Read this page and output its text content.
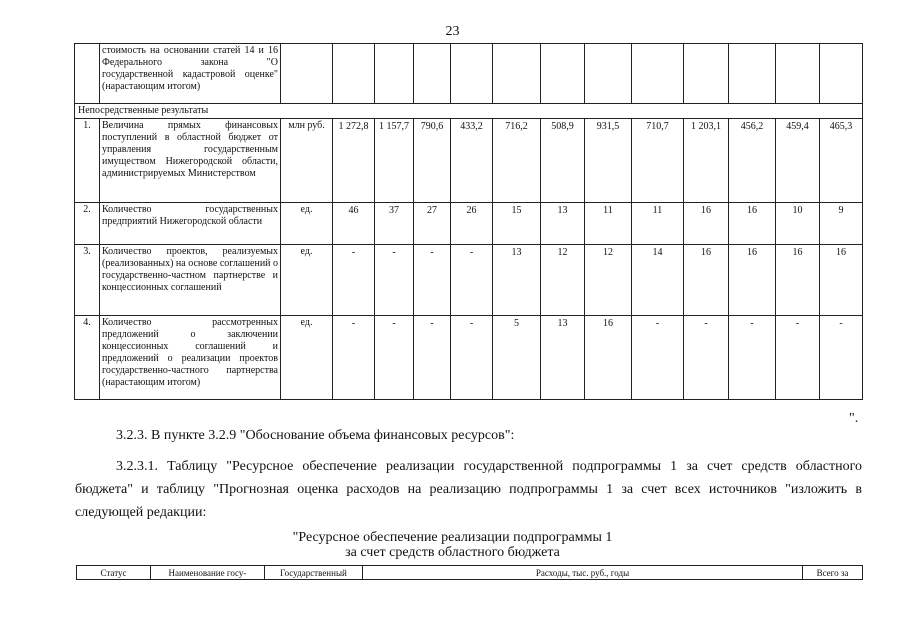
23
	стоимость на основании статей 14 и 16 Федерального закона "О государственной кадастровой оценке" (нарастающим итогом)													
Непосредственные результаты														
1.	Величина прямых финансовых поступлений в областной бюджет от управления государственным имуществом Нижегородской области, администрируемых Министерством	млн руб.	1 272,8	1 157,7	790,6	433,2	716,2	508,9	931,5	710,7	1 203,1	456,2	459,4	465,3
2.	Количество государственных предприятий Нижегородской области	ед.	46	37	27	26	15	13	11	11	16	16	10	9
3.	Количество проектов, реализуемых (реализованных) на основе соглашений о государственно-частном партнерстве и концессионных соглашений	ед.	-	-	-	-	13	12	12	14	16	16	16	16
4.	Количество рассмотренных предложений о заключении концессионных соглашений и предложений о реализации проектов государственно-частного партнерства (нарастающим итогом)	ед.	-	-	-	-	5	13	16	-	-	-	-	-
".
3.2.3. В пункте 3.2.9 "Обоснование объема финансовых ресурсов":
3.2.3.1. Таблицу "Ресурсное обеспечение реализации государственной подпрограммы 1 за счет средств областного бюджета" и таблицу "Прогнозная оценка расходов на реализацию подпрограммы 1 за счет всех источников "изложить в следующей редакции:
"Ресурсное обеспечение реализации подпрограммы 1
за счет средств областного бюджета
Статус	Наименование госу-	Государственный	Расходы, тыс. руб., годы	Всего за
